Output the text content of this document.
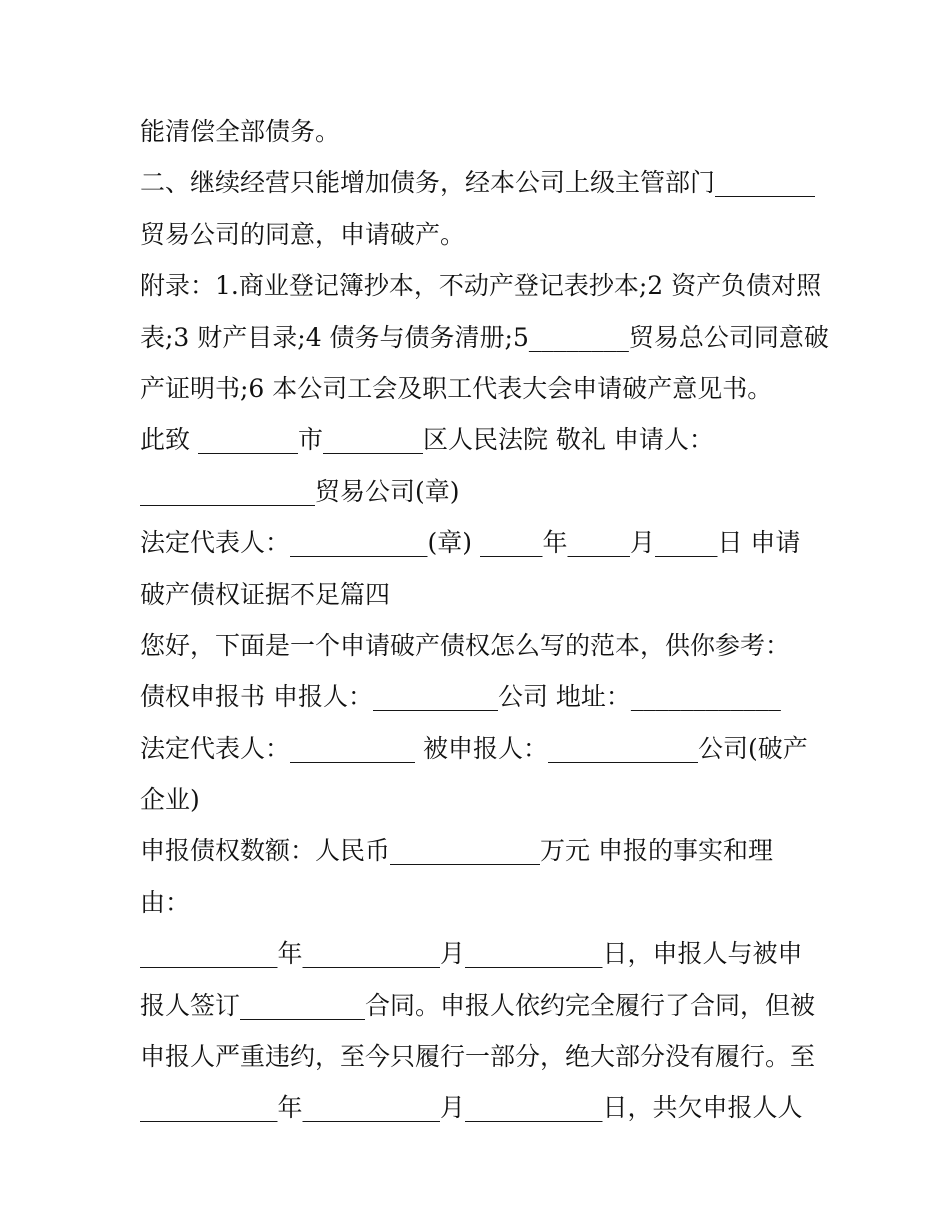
能清偿全部债务。
二、继续经营只能增加债务，经本公司上级主管部门________
贸易公司的同意，申请破产。
附录：1.商业登记簿抄本，不动产登记表抄本;2 资产负债对照
表;3 财产目录;4 债务与债务清册;5________贸易总公司同意破
产证明书;6 本公司工会及职工代表大会申请破产意见书。
此致 ________市________区人民法院 敬礼 申请人：
______________贸易公司(章)
法定代表人：___________(章) _____年_____月_____日 申请
破产债权证据不足篇四
您好，下面是一个申请破产债权怎么写的范本，供你参考：
债权申报书 申报人：__________公司 地址：____________
法定代表人：__________ 被申报人：____________公司(破产
企业)
申报债权数额：人民币____________万元 申报的事实和理
由：
___________年___________月___________日，申报人与被申
报人签订__________合同。申报人依约完全履行了合同，但被
申报人严重违约，至今只履行一部分，绝大部分没有履行。至
___________年___________月___________日，共欠申报人人
